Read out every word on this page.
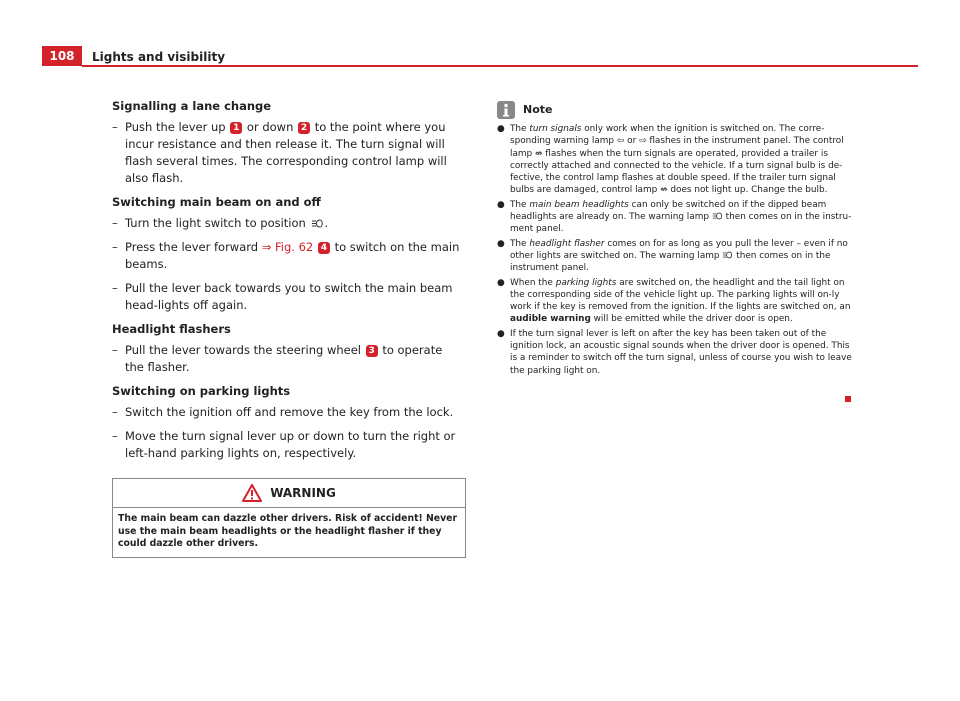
108	Lights and visibility
Signalling a lane change
– Push the lever up 1 or down 2 to the point where you incur resistance and then release it. The turn signal will flash several times. The corresponding control lamp will also flash.
Switching main beam on and off
– Turn the light switch to position .
– Press the lever forward ⇒ Fig. 62 4 to switch on the main beams.
– Pull the lever back towards you to switch the main beam head-lights off again.
Headlight flashers
– Pull the lever towards the steering wheel 3 to operate the flasher.
Switching on parking lights
– Switch the ignition off and remove the key from the lock.
– Move the turn signal lever up or down to turn the right or left-hand parking lights on, respectively.
WARNING
The main beam can dazzle other drivers. Risk of accident! Never use the main beam headlights or the headlight flasher if they could dazzle other drivers.
Note
● The turn signals only work when the ignition is switched on. The corre-sponding warning lamp ⇦ or ⇨ flashes in the instrument panel. The control lamp ⇎ flashes when the turn signals are operated, provided a trailer is correctly attached and connected to the vehicle. If a turn signal bulb is de-fective, the control lamp flashes at double speed. If the trailer turn signal bulbs are damaged, control lamp ⇎ does not light up. Change the bulb.
● The main beam headlights can only be switched on if the dipped beam headlights are already on. The warning lamp then comes on in the instru-ment panel.
● The headlight flasher comes on for as long as you pull the lever – even if no other lights are switched on. The warning lamp then comes on in the instrument panel.
● When the parking lights are switched on, the headlight and the tail light on the corresponding side of the vehicle light up. The parking lights will on-ly work if the key is removed from the ignition. If the lights are switched on, an audible warning will be emitted while the driver door is open.
● If the turn signal lever is left on after the key has been taken out of the ignition lock, an acoustic signal sounds when the driver door is opened. This is a reminder to switch off the turn signal, unless of course you wish to leave the parking light on.
